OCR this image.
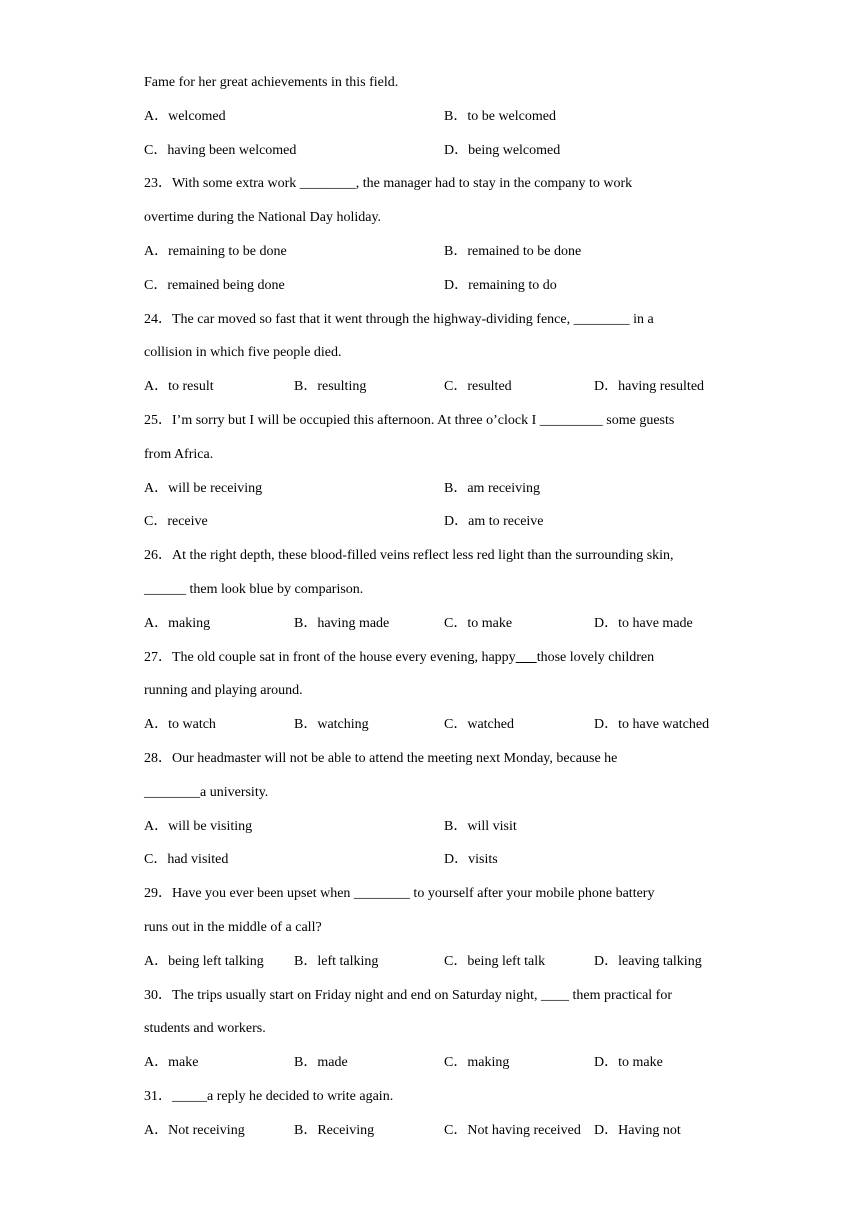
Fame for her great achievements in this field.
A．welcomed	B．to be welcomed
C．having been welcomed	D．being welcomed
23．With some extra work ________, the manager had to stay in the company to work
overtime during the National Day holiday.
A．remaining to be done	B．remained to be done
C．remained being done	D．remaining to do
24．The car moved so fast that it went through the highway-dividing fence, ________ in a
collision in which five people died.
A．to result	B．resulting	C．resulted	D．having resulted
25．I’m sorry but I will be occupied this afternoon. At three o’clock I _________ some guests
from Africa.
A．will be receiving	B．am receiving
C．receive	D．am to receive
26．At the right depth, these blood-filled veins reflect less red light than the surrounding skin,
______ them look blue by comparison.
A．making	B．having made	C．to make	D．to have made
27．The old couple sat in front of the house every evening, happy those lovely children
running and playing around.
A．to watch	B．watching	C．watched	D．to have watched
28．Our headmaster will not be able to attend the meeting next Monday, because he
________a university.
A．will be visiting	B．will visit
C．had visited	D．visits
29．Have you ever been upset when ________ to yourself after your mobile phone battery
runs out in the middle of a call?
A．being left talking B．left talking	C．being left talk	D．leaving talking
30．The trips usually start on Friday night and end on Saturday night, ____ them practical for
students and workers.
A．make	B．made	C．making	D．to make
31．_____a reply he decided to write again.
A．Not receiving	B．Receiving	C．Not having received D．Having not
